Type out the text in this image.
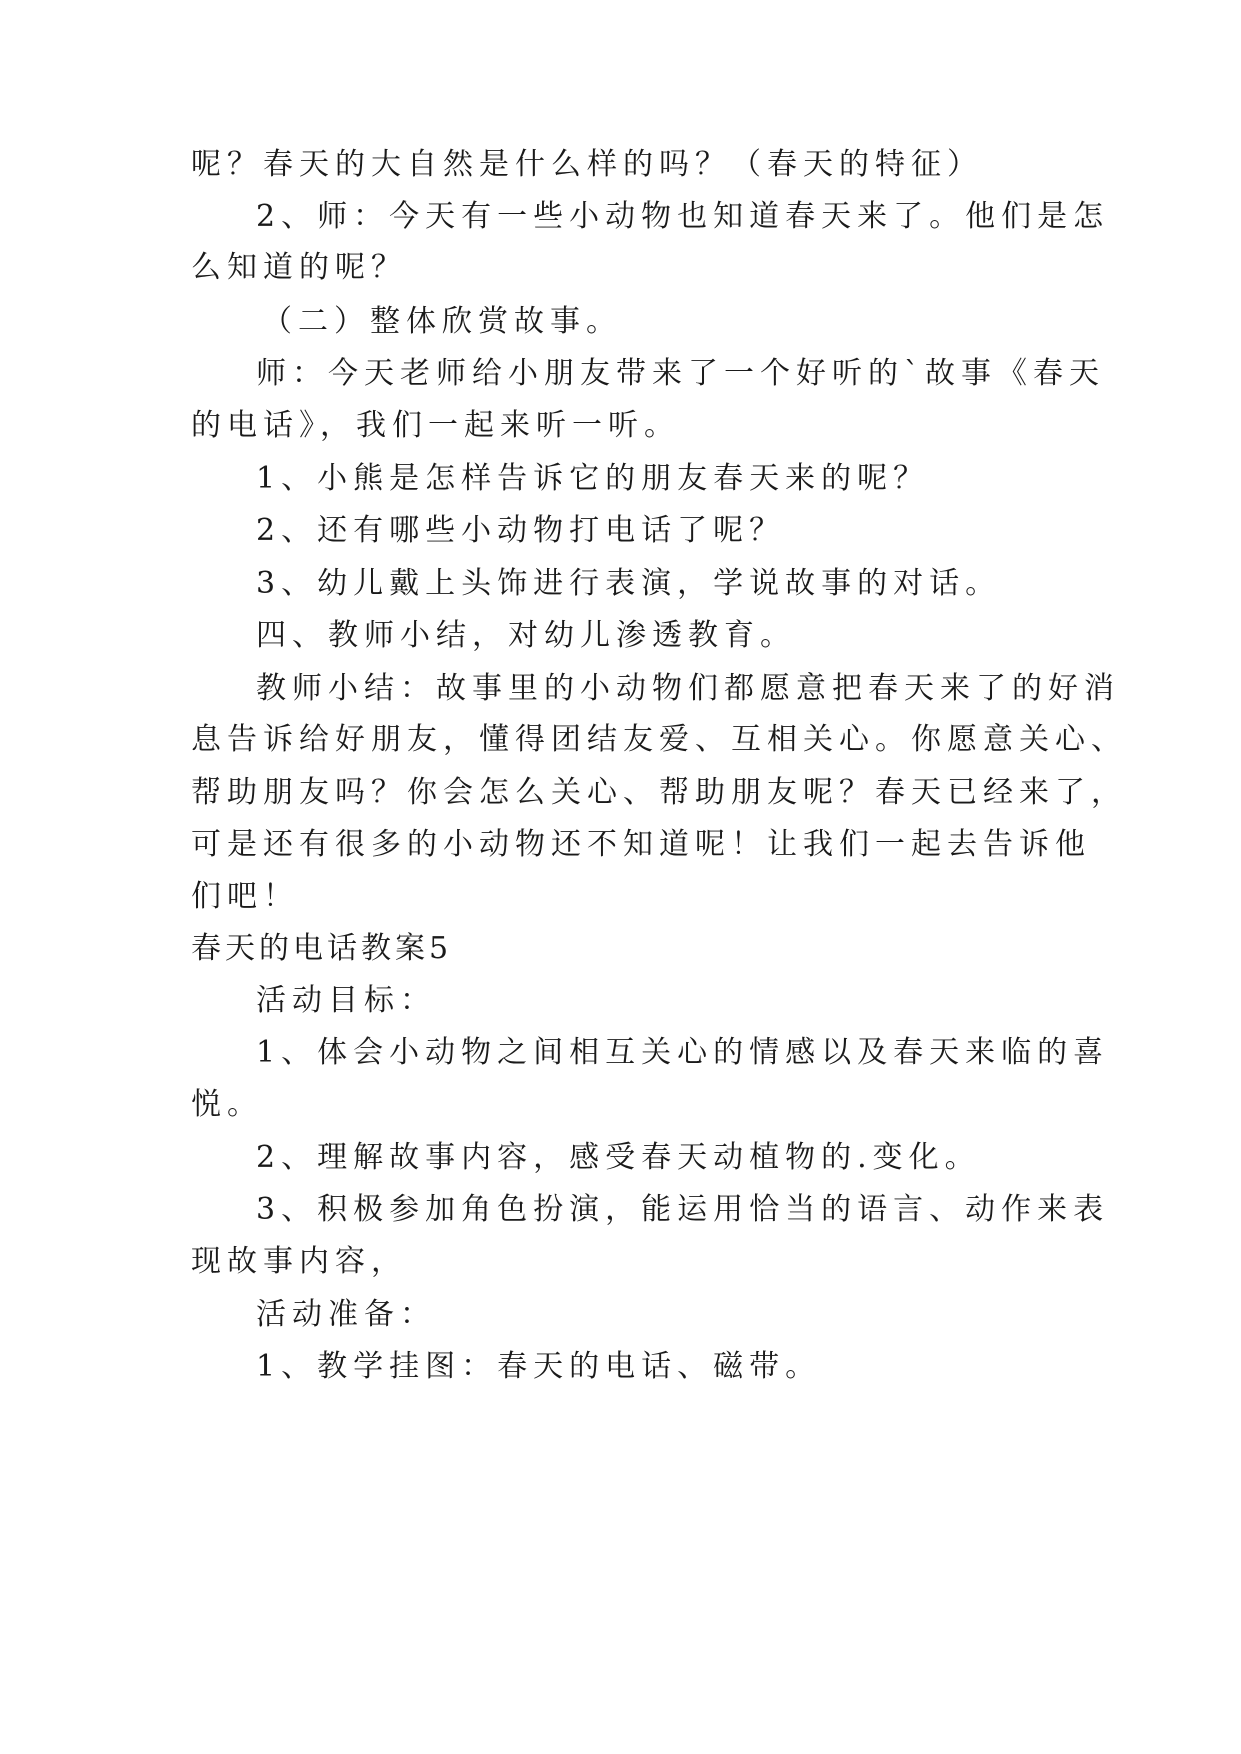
呢？春天的大自然是什么样的吗？（春天的特征）
2、师：今天有一些小动物也知道春天来了。他们是怎
么知道的呢？
（二）整体欣赏故事。
师：今天老师给小朋友带来了一个好听的`故事《春天
的电话》，我们一起来听一听。
1、小熊是怎样告诉它的朋友春天来的呢？
2、还有哪些小动物打电话了呢？
3、幼儿戴上头饰进行表演，学说故事的对话。
四、教师小结，对幼儿渗透教育。
教师小结：故事里的小动物们都愿意把春天来了的好消
息告诉给好朋友，懂得团结友爱、互相关心。你愿意关心、
帮助朋友吗？你会怎么关心、帮助朋友呢？春天已经来了，
可是还有很多的小动物还不知道呢！让我们一起去告诉他
们吧！
春天的电话教案5
活动目标：
1、体会小动物之间相互关心的情感以及春天来临的喜
悦。
2、理解故事内容，感受春天动植物的.变化。
3、积极参加角色扮演，能运用恰当的语言、动作来表
现故事内容，
活动准备：
1、教学挂图：春天的电话、磁带。
